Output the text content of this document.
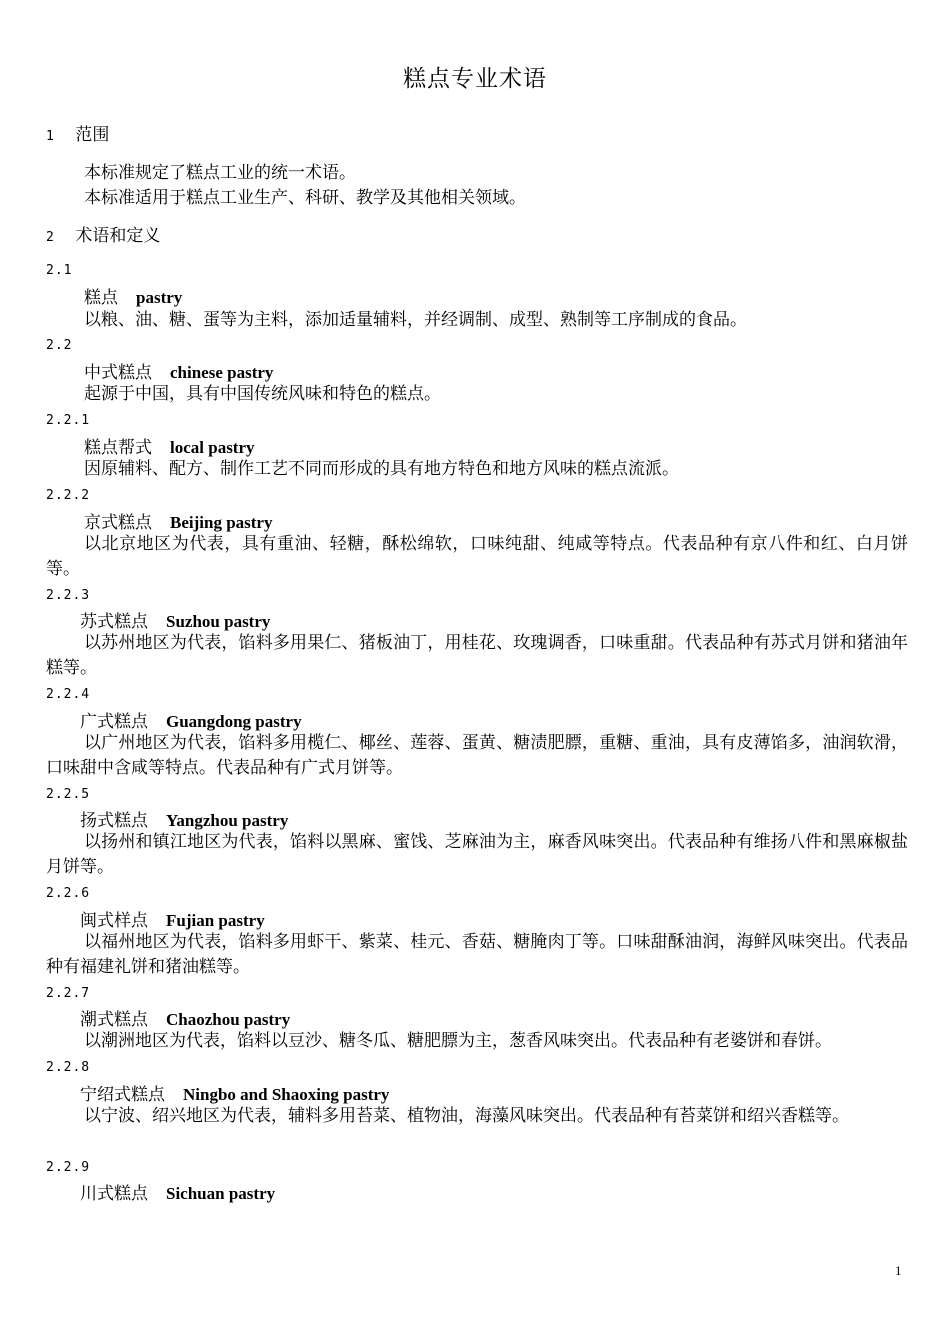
糕点专业术语
1 范围
本标准规定了糕点工业的统一术语。
本标准适用于糕点工业生产、科研、教学及其他相关领域。
2 术语和定义
2.1
糕点 pastry
以粮、油、糖、蛋等为主料，添加适量辅料，并经调制、成型、熟制等工序制成的食品。
2.2
中式糕点 chinese pastry
起源于中国，具有中国传统风味和特色的糕点。
2.2.1
糕点帮式 local pastry
因原辅料、配方、制作工艺不同而形成的具有地方特色和地方风味的糕点流派。
2.2.2
京式糕点 Beijing pastry
以北京地区为代表，具有重油、轻糖，酥松绵软，口味纯甜、纯咸等特点。代表品种有京八件和红、白月饼等。
2.2.3
苏式糕点 Suzhou pastry
以苏州地区为代表，馅料多用果仁、猪板油丁，用桂花、玫瑰调香，口味重甜。代表品种有苏式月饼和猪油年糕等。
2.2.4
广式糕点 Guangdong pastry
以广州地区为代表，馅料多用榄仁、椰丝、莲蓉、蛋黄、糖渍肥膘，重糖、重油，具有皮薄馅多，油润软滑，口味甜中含咸等特点。代表品种有广式月饼等。
2.2.5
扬式糕点 Yangzhou pastry
以扬州和镇江地区为代表，馅料以黑麻、蜜饯、芝麻油为主，麻香风味突出。代表品种有维扬八件和黑麻椒盐月饼等。
2.2.6
闽式样点 Fujian pastry
以福州地区为代表，馅料多用虾干、紫菜、桂元、香菇、糖腌肉丁等。口味甜酥油润，海鲜风味突出。代表品种有福建礼饼和猪油糕等。
2.2.7
潮式糕点 Chaozhou pastry
以潮洲地区为代表，馅料以豆沙、糖冬瓜、糖肥膘为主，葱香风味突出。代表品种有老婆饼和春饼。
2.2.8
宁绍式糕点 Ningbo and Shaoxing pastry
以宁波、绍兴地区为代表，辅料多用苔菜、植物油，海藻风味突出。代表品种有苔菜饼和绍兴香糕等。
2.2.9
川式糕点 Sichuan pastry
1
